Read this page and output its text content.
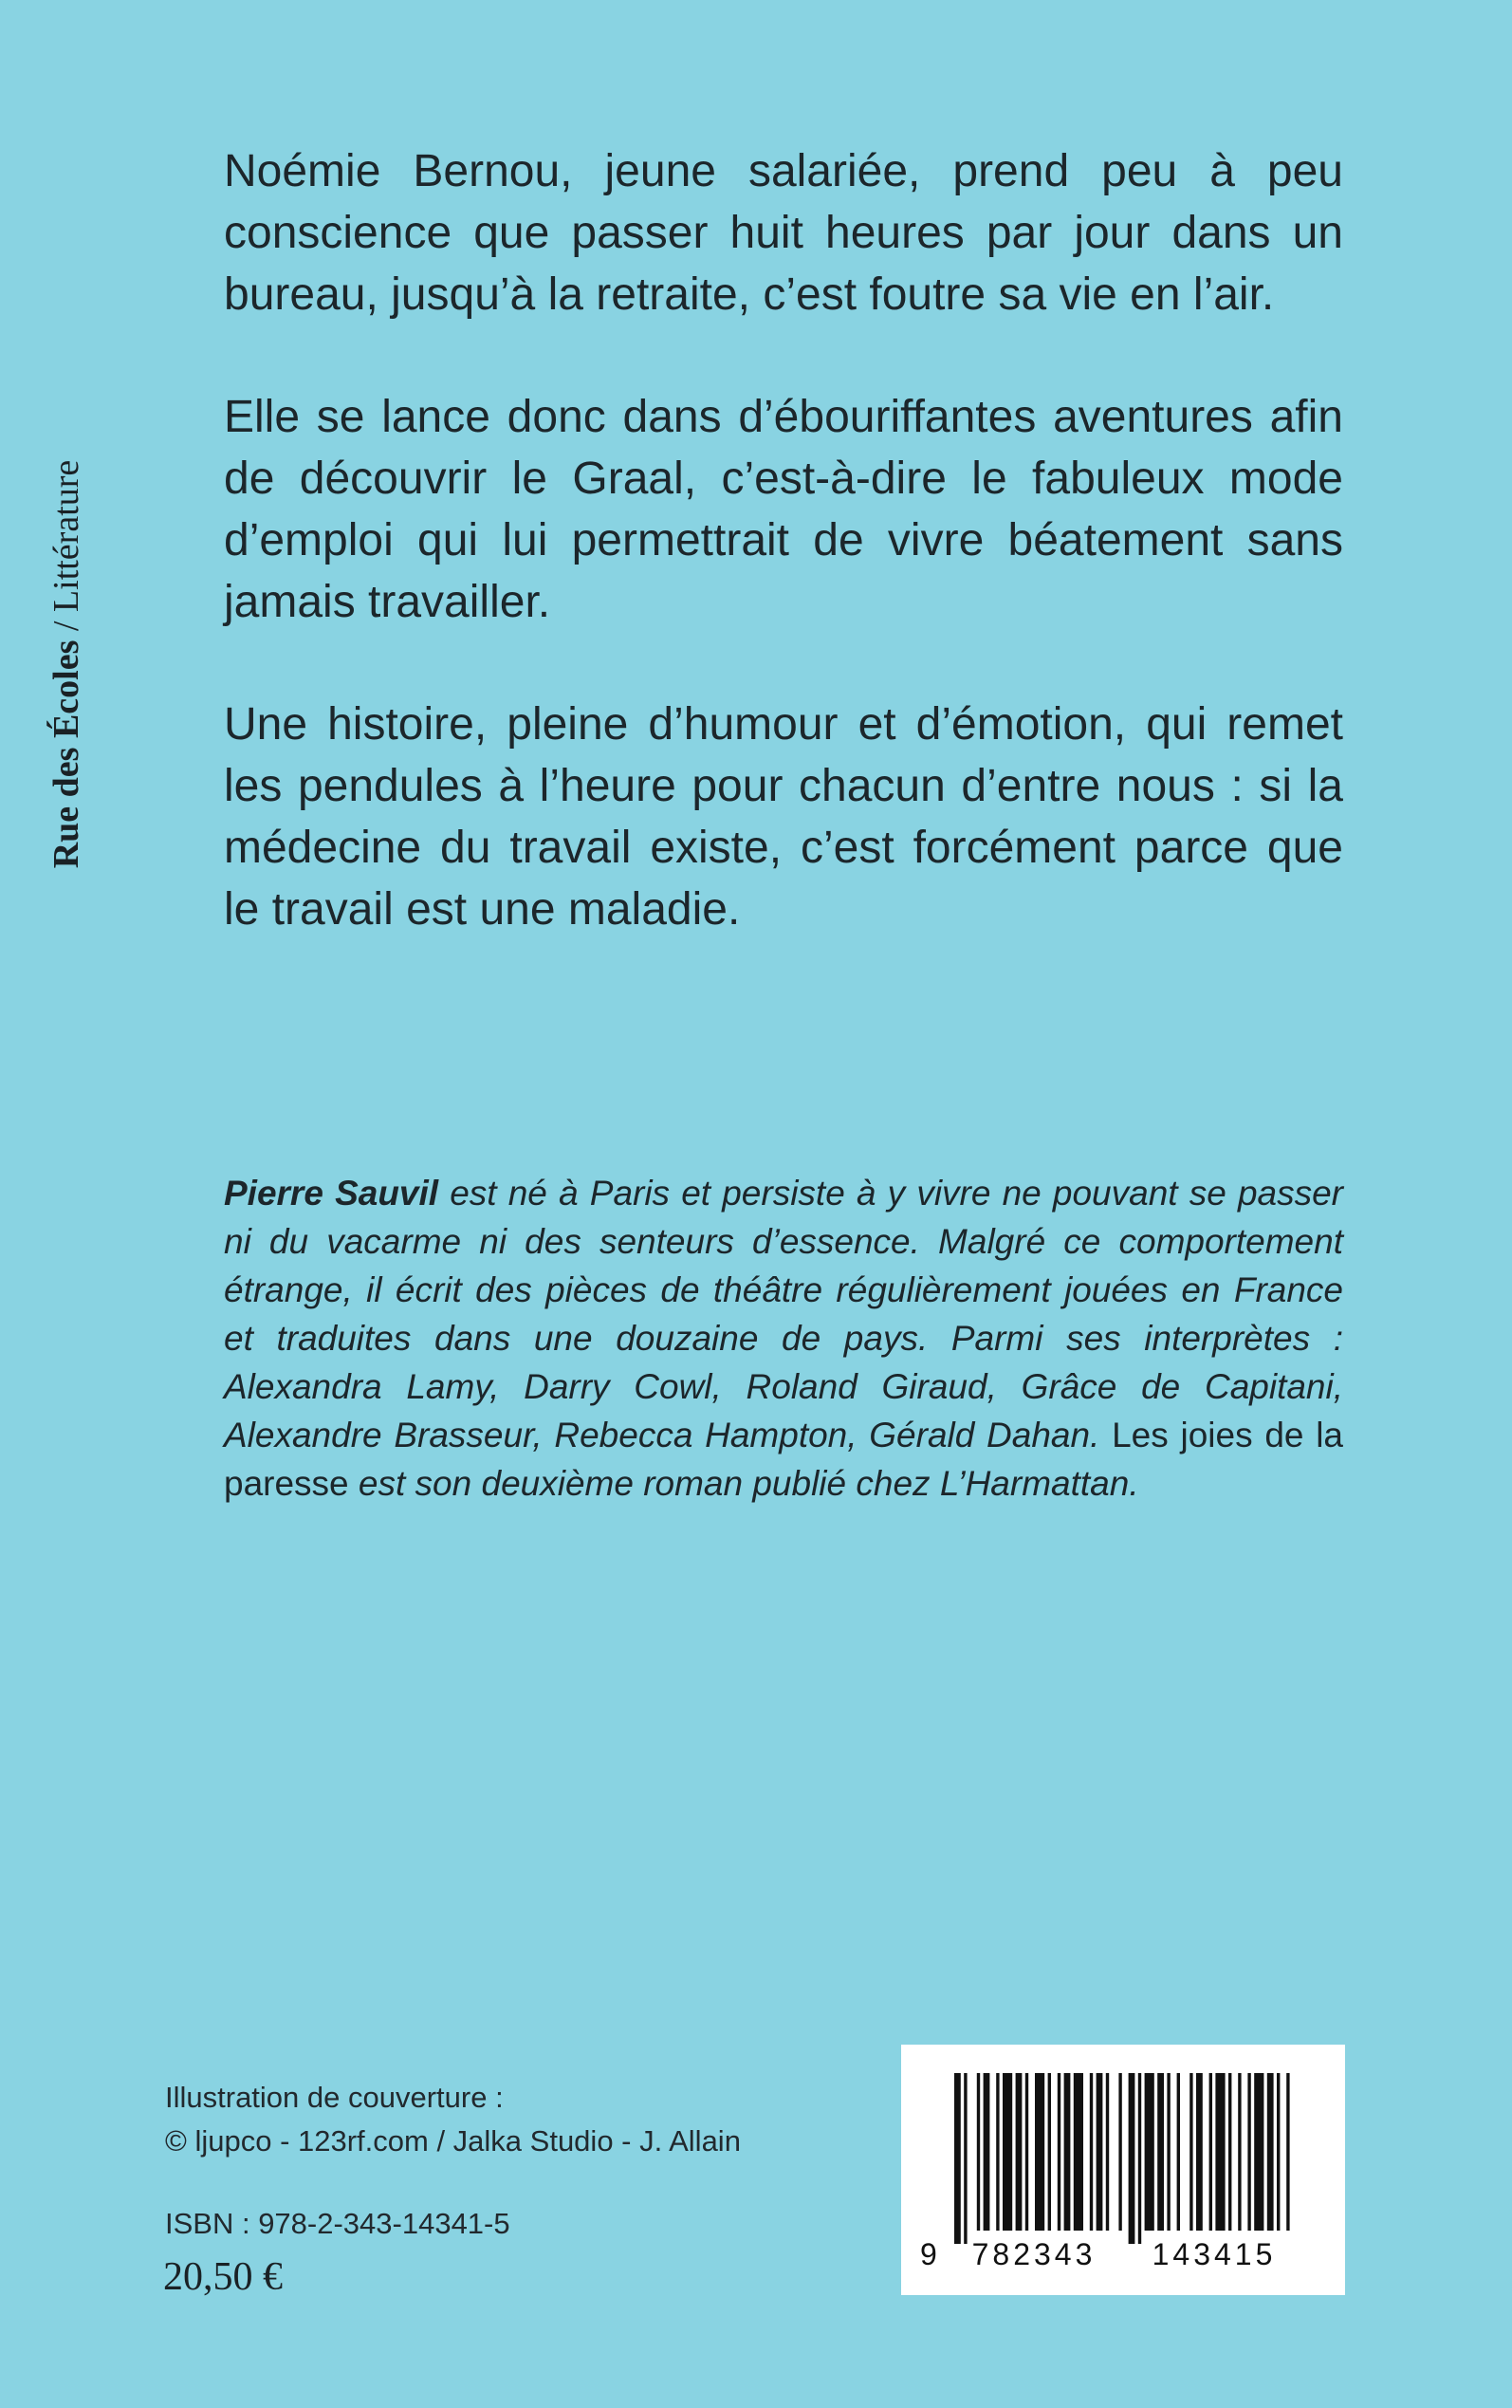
Rue des Écoles / Littérature

Noémie Bernou, jeune salariée, prend peu à peu conscience que passer huit heures par jour dans un bureau, jusqu’à la retraite, c’est foutre sa vie en l’air.

Elle se lance donc dans d’ébouriffantes aventures afin de découvrir le Graal, c’est-à-dire le fabuleux mode d’emploi qui lui permettrait de vivre béatement sans jamais travailler.

Une histoire, pleine d’humour et d’émotion, qui remet les pendules à l’heure pour chacun d’entre nous : si la médecine du travail existe, c’est forcément parce que le travail est une maladie.

Pierre Sauvil est né à Paris et persiste à y vivre ne pouvant se passer ni du vacarme ni des senteurs d’essence. Malgré ce comportement étrange, il écrit des pièces de théâtre régulièrement jouées en France et traduites dans une douzaine de pays. Parmi ses interprètes : Alexandra Lamy, Darry Cowl, Roland Giraud, Grâce de Capitani, Alexandre Brasseur, Rebecca Hampton, Gérald Dahan. Les joies de la paresse est son deuxième roman publié chez L’Harmattan.

Illustration de couverture :
© ljupco - 123rf.com / Jalka Studio - J. Allain
ISBN : 978-2-343-14341-5
20,50 €
9 782343 143415
